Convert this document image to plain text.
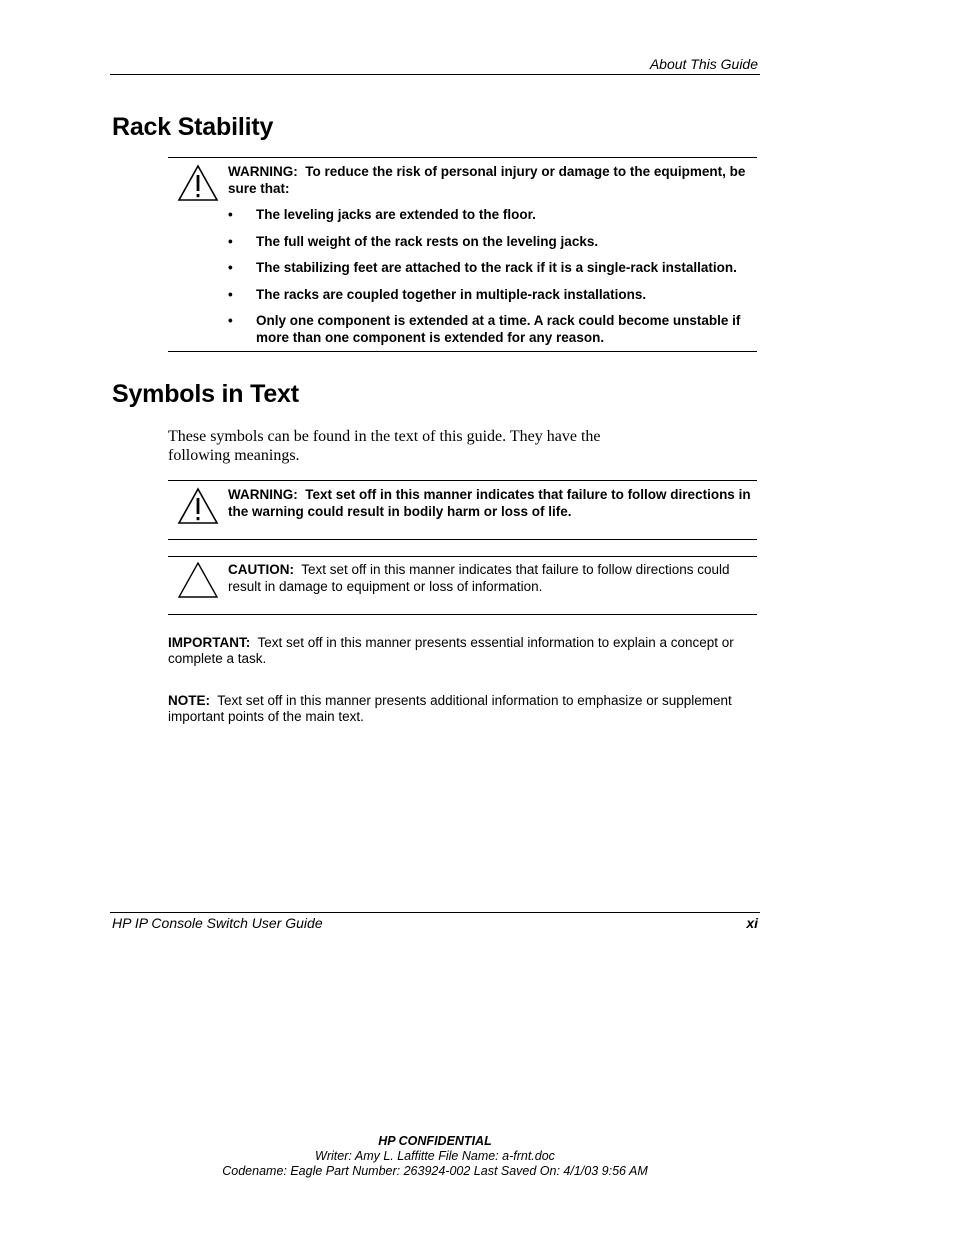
About This Guide
Rack Stability
WARNING: To reduce the risk of personal injury or damage to the equipment, be sure that:
• The leveling jacks are extended to the floor.
• The full weight of the rack rests on the leveling jacks.
• The stabilizing feet are attached to the rack if it is a single-rack installation.
• The racks are coupled together in multiple-rack installations.
• Only one component is extended at a time. A rack could become unstable if more than one component is extended for any reason.
Symbols in Text
These symbols can be found in the text of this guide. They have the following meanings.
WARNING: Text set off in this manner indicates that failure to follow directions in the warning could result in bodily harm or loss of life.
CAUTION: Text set off in this manner indicates that failure to follow directions could result in damage to equipment or loss of information.
IMPORTANT: Text set off in this manner presents essential information to explain a concept or complete a task.
NOTE: Text set off in this manner presents additional information to emphasize or supplement important points of the main text.
HP IP Console Switch User Guide	xi
HP CONFIDENTIAL
Writer: Amy L. Laffitte File Name: a-frnt.doc
Codename: Eagle Part Number: 263924-002 Last Saved On: 4/1/03 9:56 AM
